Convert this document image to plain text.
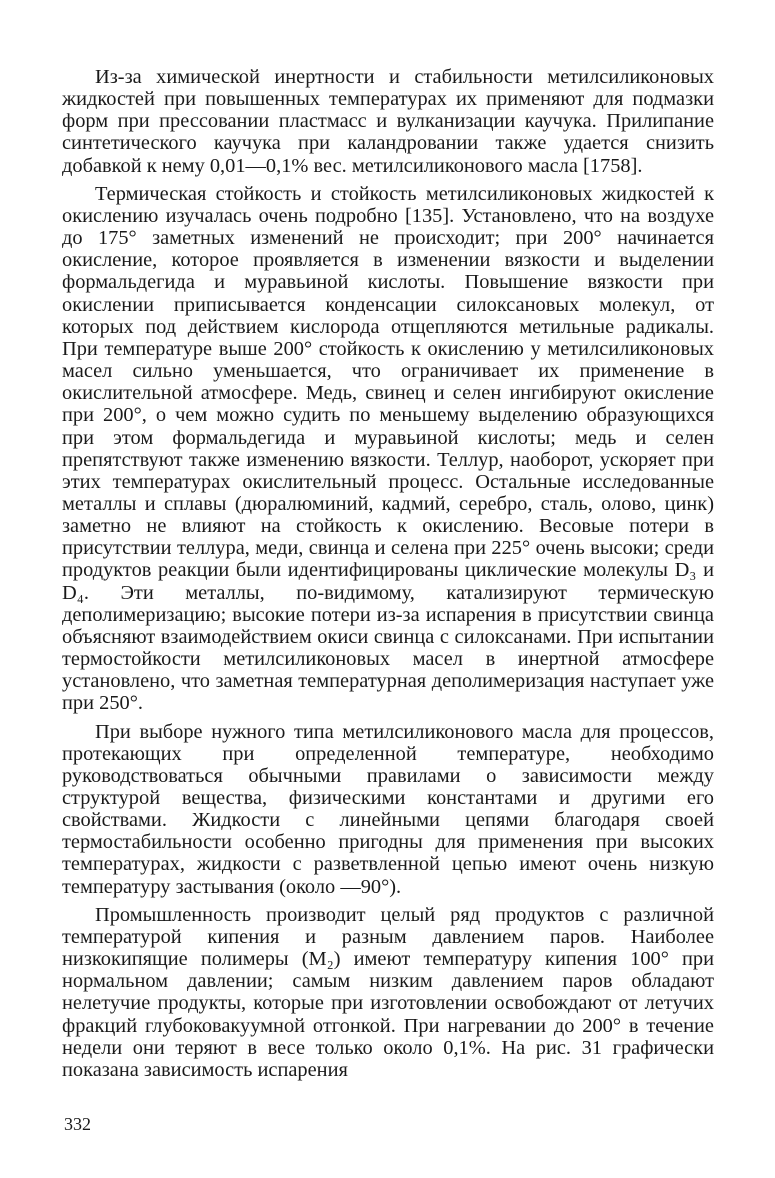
Из-за химической инертности и стабильности метилсиликоновых жидкостей при повышенных температурах их применяют для подмазки форм при прессовании пластмасс и вулканизации каучука. Прилипание синтетического каучука при каландровании также удается снизить добавкой к нему 0,01—0,1% вес. метилсиликонового масла [1758].

Термическая стойкость и стойкость метилсиликоновых жидкостей к окислению изучалась очень подробно [135]. Установлено, что на воздухе до 175° заметных изменений не происходит; при 200° начинается окисление, которое проявляется в изменении вязкости и выделении формальдегида и муравьиной кислоты. Повышение вязкости при окислении приписывается конденсации силоксановых молекул, от которых под действием кислорода отщепляются метильные радикалы. При температуре выше 200° стойкость к окислению у метилсиликоновых масел сильно уменьшается, что ограничивает их применение в окислительной атмосфере. Медь, свинец и селен ингибируют окисление при 200°, о чем можно судить по меньшему выделению образующихся при этом формальдегида и муравьиной кислоты; медь и селен препятствуют также изменению вязкости. Теллур, наоборот, ускоряет при этих температурах окислительный процесс. Остальные исследованные металлы и сплавы (дюралюминий, кадмий, серебро, сталь, олово, цинк) заметно не влияют на стойкость к окислению. Весовые потери в присутствии теллура, меди, свинца и селена при 225° очень высоки; среди продуктов реакции были идентифицированы циклические молекулы D₃ и D₄. Эти металлы, по-видимому, катализируют термическую деполимеризацию; высокие потери из-за испарения в присутствии свинца объясняют взаимодействием окиси свинца с силоксанами. При испытании термостойкости метилсиликоновых масел в инертной атмосфере установлено, что заметная температурная деполимеризация наступает уже при 250°.

При выборе нужного типа метилсиликонового масла для процессов, протекающих при определенной температуре, необходимо руководствоваться обычными правилами о зависимости между структурой вещества, физическими константами и другими его свойствами. Жидкости с линейными цепями благодаря своей термостабильности особенно пригодны для применения при высоких температурах, жидкости с разветвленной цепью имеют очень низкую температуру застывания (около —90°).

Промышленность производит целый ряд продуктов с различной температурой кипения и разным давлением паров. Наиболее низкокипящие полимеры (M₂) имеют температуру кипения 100° при нормальном давлении; самым низким давлением паров обладают нелетучие продукты, которые при изготовлении освобождают от летучих фракций глубоковакуумной отгонкой. При нагревании до 200° в течение недели они теряют в весе только около 0,1%. На рис. 31 графически показана зависимость испарения

332
